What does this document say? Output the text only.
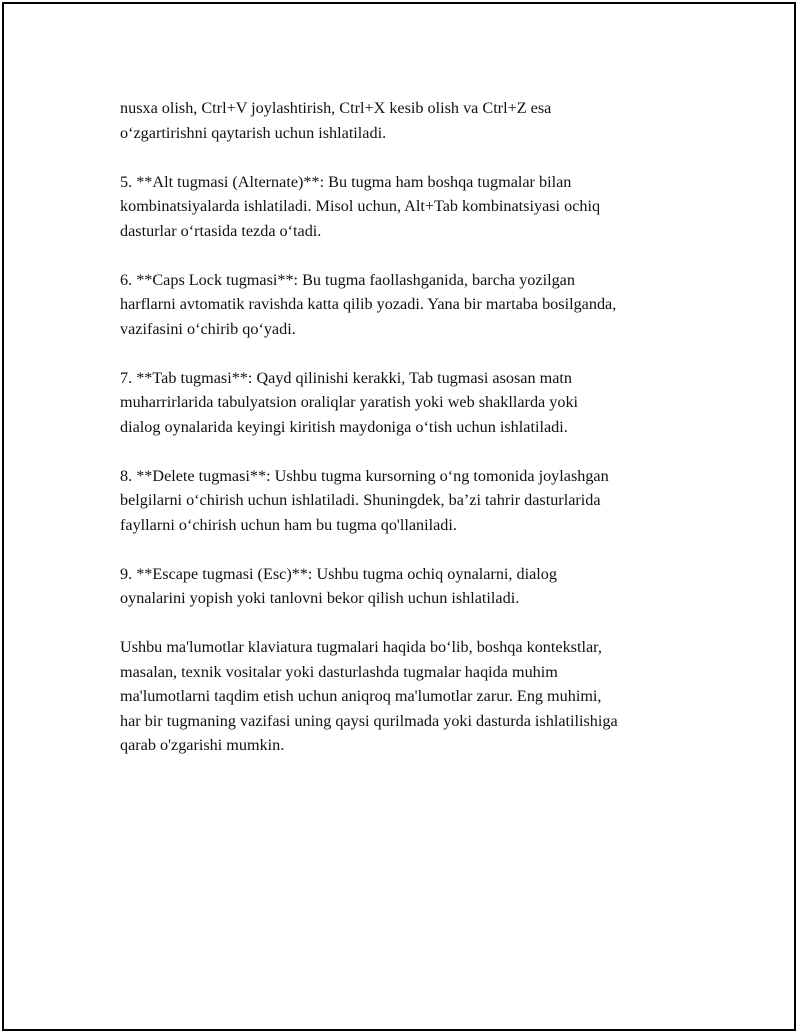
nusxa olish, Ctrl+V joylashtirish, Ctrl+X kesib olish va Ctrl+Z esa
o‘zgartirishni qaytarish uchun ishlatiladi.

5. **Alt tugmasi (Alternate)**: Bu tugma ham boshqa tugmalar bilan
kombinatsiyalarda ishlatiladi. Misol uchun, Alt+Tab kombinatsiyasi ochiq
dasturlar o‘rtasida tezda o‘tadi.

6. **Caps Lock tugmasi**: Bu tugma faollashganida, barcha yozilgan
harflarni avtomatik ravishda katta qilib yozadi. Yana bir martaba bosilganda,
vazifasini o‘chirib qo‘yadi.

7. **Tab tugmasi**: Qayd qilinishi kerakki, Tab tugmasi asosan matn
muharrirlarida tabulyatsion oraliqlar yaratish yoki web shakllarda yoki
dialog oynalarida keyingi kiritish maydoniga o‘tish uchun ishlatiladi.

8. **Delete tugmasi**: Ushbu tugma kursorning o‘ng tomonida joylashgan
belgilarni o‘chirish uchun ishlatiladi. Shuningdek, ba’zi tahrir dasturlarida
fayllarni o‘chirish uchun ham bu tugma qo'llaniladi.

9. **Escape tugmasi (Esc)**: Ushbu tugma ochiq oynalarni, dialog
oynalarini yopish yoki tanlovni bekor qilish uchun ishlatiladi.

Ushbu ma'lumotlar klaviatura tugmalari haqida bo‘lib, boshqa kontekstlar,
masalan, texnik vositalar yoki dasturlashda tugmalar haqida muhim
ma'lumotlarni taqdim etish uchun aniqroq ma'lumotlar zarur. Eng muhimi,
har bir tugmaning vazifasi uning qaysi qurilmada yoki dasturda ishlatilishiga
qarab o'zgarishi mumkin.
